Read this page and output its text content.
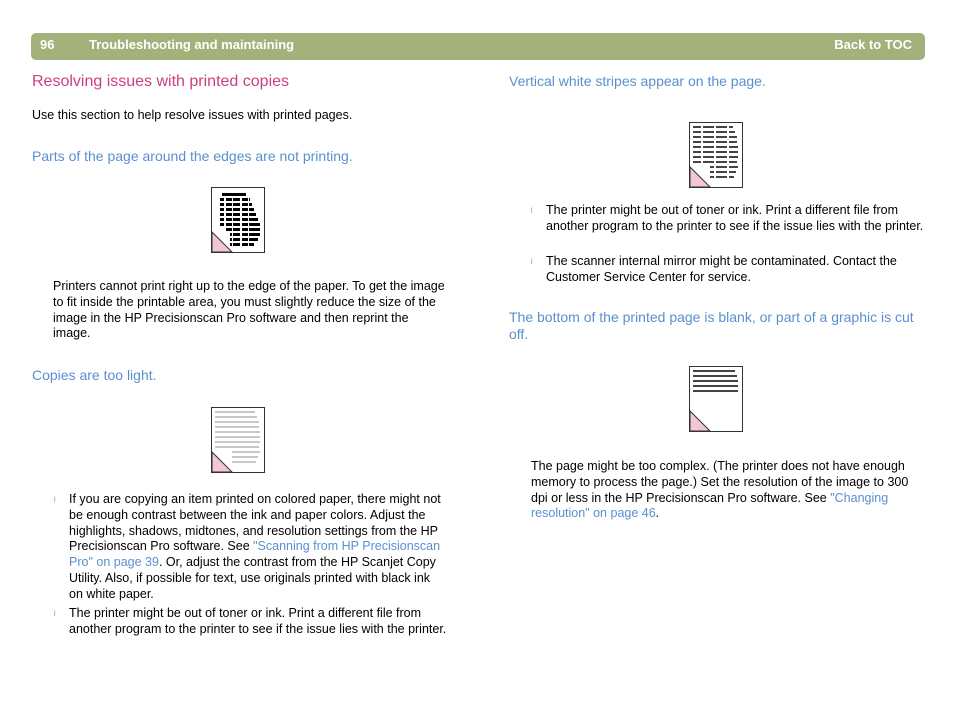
96	Troubleshooting and maintaining	Back to TOC
Resolving issues with printed copies

Use this section to help resolve issues with printed pages.

Parts of the page around the edges are not printing.

Printers cannot print right up to the edge of the paper. To get the image to fit inside the printable area, you must slightly reduce the size of the image in the HP Precisionscan Pro software and then reprint the image.

Copies are too light.
l If you are copying an item printed on colored paper, there might not be enough contrast between the ink and paper colors. Adjust the highlights, shadows, midtones, and resolution settings from the HP Precisionscan Pro software. See "Scanning from HP Precisionscan Pro" on page 39. Or, adjust the contrast from the HP Scanjet Copy Utility. Also, if possible for text, use originals printed with black ink on white paper.

l The printer might be out of toner or ink. Print a different file from another program to the printer to see if the issue lies with the printer.

Vertical white stripes appear on the page.
l The printer might be out of toner or ink. Print a different file from another program to the printer to see if the issue lies with the printer.

l The scanner internal mirror might be contaminated. Contact the Customer Service Center for service.

The bottom of the printed page is blank, or part of a graphic is cut off.

The page might be too complex. (The printer does not have enough memory to process the page.) Set the resolution of the image to 300 dpi or less in the HP Precisionscan Pro software. See "Changing resolution" on page 46.
